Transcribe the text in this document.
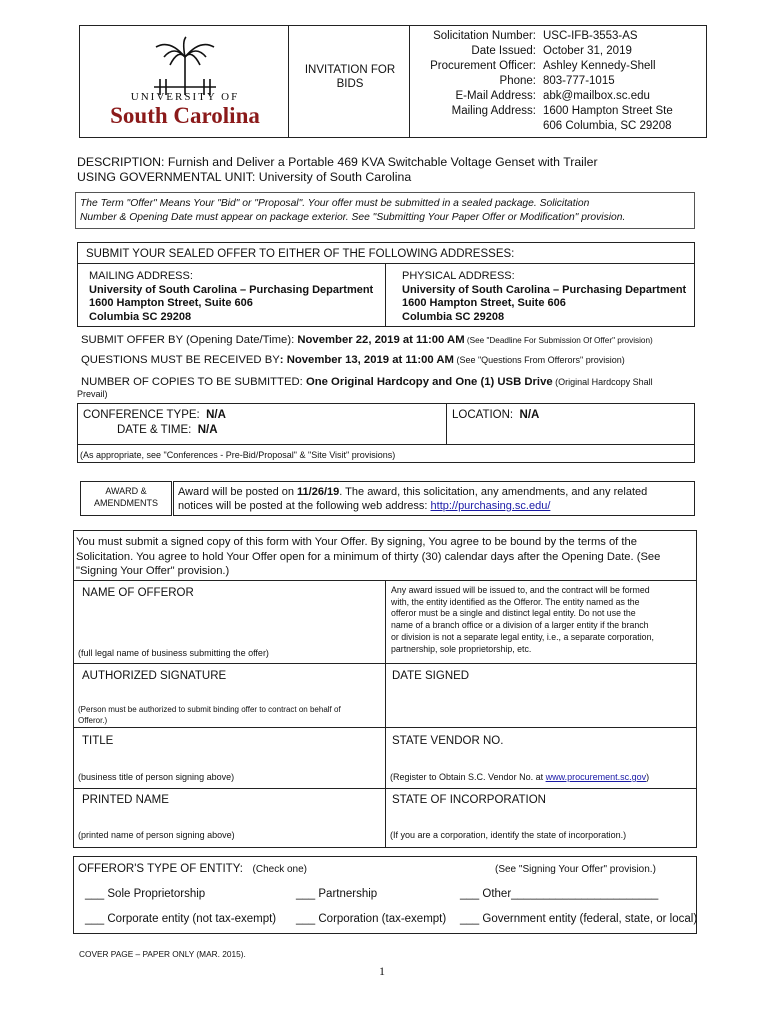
UNIVERSITY OF
South Carolina
INVITATION FOR BIDS
Solicitation Number: USC-IFB-3553-AS
Date Issued: October 31, 2019
Procurement Officer: Ashley Kennedy-Shell
Phone: 803-777-1015
E-Mail Address: abk@mailbox.sc.edu
Mailing Address: 1600 Hampton Street Ste
606 Columbia, SC 29208
DESCRIPTION: Furnish and Deliver a Portable 469 KVA Switchable Voltage Genset with Trailer
USING GOVERNMENTAL UNIT: University of South Carolina
The Term "Offer" Means Your "Bid" or "Proposal". Your offer must be submitted in a sealed package. Solicitation
Number & Opening Date must appear on package exterior. See "Submitting Your Paper Offer or Modification" provision.
SUBMIT YOUR SEALED OFFER TO EITHER OF THE FOLLOWING ADDRESSES:
MAILING ADDRESS:
University of South Carolina – Purchasing Department
1600 Hampton Street, Suite 606
Columbia SC 29208
PHYSICAL ADDRESS:
University of South Carolina – Purchasing Department
1600 Hampton Street, Suite 606
Columbia SC 29208
SUBMIT OFFER BY (Opening Date/Time): November 22, 2019 at 11:00 AM (See "Deadline For Submission Of Offer" provision)
QUESTIONS MUST BE RECEIVED BY: November 13, 2019 at 11:00 AM (See "Questions From Offerors" provision)
NUMBER OF COPIES TO BE SUBMITTED: One Original Hardcopy and One (1) USB Drive (Original Hardcopy Shall
Prevail)
CONFERENCE TYPE: N/A
DATE & TIME: N/A
LOCATION: N/A
(As appropriate, see "Conferences - Pre-Bid/Proposal" & "Site Visit" provisions)
AWARD &
AMENDMENTS
Award will be posted on 11/26/19. The award, this solicitation, any amendments, and any related
notices will be posted at the following web address: http://purchasing.sc.edu/
You must submit a signed copy of this form with Your Offer. By signing, You agree to be bound by the terms of the
Solicitation. You agree to hold Your Offer open for a minimum of thirty (30) calendar days after the Opening Date. (See
"Signing Your Offer" provision.)
NAME OF OFFEROR
(full legal name of business submitting the offer)
Any award issued will be issued to, and the contract will be formed
with, the entity identified as the Offeror. The entity named as the
offeror must be a single and distinct legal entity. Do not use the
name of a branch office or a division of a larger entity if the branch
or division is not a separate legal entity, i.e., a separate corporation,
partnership, sole proprietorship, etc.
AUTHORIZED SIGNATURE
(Person must be authorized to submit binding offer to contract on behalf of
Offeror.)
DATE SIGNED
TITLE
(business title of person signing above)
STATE VENDOR NO.
(Register to Obtain S.C. Vendor No. at www.procurement.sc.gov)
PRINTED NAME
(printed name of person signing above)
STATE OF INCORPORATION
(If you are a corporation, identify the state of incorporation.)
OFFEROR'S TYPE OF ENTITY: (Check one)	(See "Signing Your Offer" provision.)
___ Sole Proprietorship	___ Partnership	___ Other_______________________
___ Corporate entity (not tax-exempt) ___ Corporation (tax-exempt) ___ Government entity (federal, state, or local)
COVER PAGE – PAPER ONLY (MAR. 2015).
1
